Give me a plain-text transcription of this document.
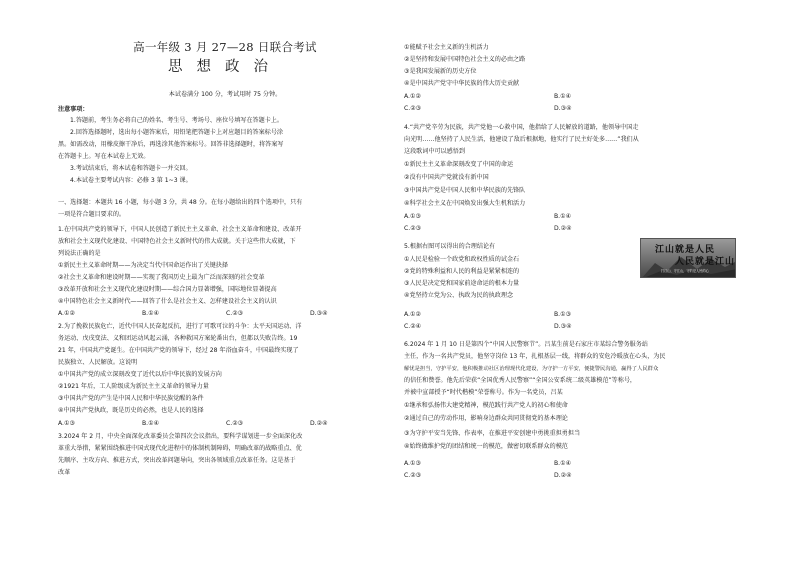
高一年级 3 月 27—28 日联合考试
思想政治
本试卷满分 100 分，考试用时 75 分钟。
注意事项：
1.答题前，考生务必将自己的姓名、考生号、考场号、座位号填写在答题卡上。
2.回答选择题时，选出每小题答案后，用铅笔把答题卡上对应题目的答案标号涂
黑。如需改动，用橡皮擦干净后，再选涂其他答案标号。回答非选择题时，将答案写
在答题卡上。写在本试卷上无效。
3.考试结束后，将本试卷和答题卡一并交回。
4.本试卷主要考试内容：必修 3 第 1~3 课。
一、选择题：本题共 16 小题，每小题 3 分，共 48 分。在每小题给出的四个选项中，只有
一项是符合题目要求的。
1.在中国共产党的领导下，中国人民创造了新民主主义革命、社会主义革命和建设、改革开
放和社会主义现代化建设、中国特色社会主义新时代的伟大成就。关于这些伟大成就，下
列说法正确的是
①新民主主义革命时期——为决定当代中国命运作出了关键抉择
②社会主义革命和建设时期——实现了我国历史上最为广泛而深刻的社会变革
③改革开放和社会主义现代化建设时期——综合国力显著增强，国际地位显著提高
④中国特色社会主义新时代——回答了什么是社会主义、怎样建设社会主义的认识
A.①②	B.①④	C.②③	D.③④
2.为了挽救民族危亡，近代中国人民奋起反抗，进行了可歌可泣的斗争：太平天国运动、洋
务运动、戊戌变法、义和团运动风起云涌，各种救国方案轮番出台，但都以失败告终。19
21 年，中国共产党诞生。在中国共产党的领导下，经过 28 年浴血奋斗，中国最终实现了
民族独立、人民解放。这说明
①中国共产党的成立深刻改变了近代以后中华民族的发展方向
②1921 年后，工人阶级成为新民主主义革命的领导力量
③中国共产党的产生是中国人民和中华民族觉醒的条件
④中国共产党执政，既是历史的必然，也是人民的选择
A.①③	B.①④	C.②③	D.②④
3.2024 年 2 月，中央全面深化改革委员会第四次会议指出，要科学谋划进一步全面深化改
革重大举措，紧紧围绕推进中国式现代化进程中的体制机制障碍，明确改革的战略重点、优
先顺序、主攻方向、推进方式，突出改革问题导向，突出各领域重点改革任务。这是基于
改革
①能赋予社会主义新的生机活力
②是坚持和发展中国特色社会主义的必由之路
③是我国发展新的历史方位
④是中国共产党守中华民族的伟大历史贡献
A.①②	B.①④
C.②③	D.③④
4.“共产党辛劳为民族，共产党他一心救中国，他指给了人民解放的道路，他领导中国走
向光明……他坚持了人民生活，他建设了敌后根据地，他实行了民主好处多……”我们从
这段歌词中可以感悟到
①新民主主义革命深刻改变了中国的命运
②没有中国共产党就没有新中国
③中国共产党是中国人民和中华民族的先锋队
④科学社会主义在中国焕发出强大生机和活力
A.①③	B.①④
C.②③	D.②④
5.根据右图可以得出的合理结论有
①人民是检验一个政党和政权性质的试金石
②党的特殊利益和人民的利益是紧紧相连的
③人民是决定党和国家前途命运的根本力量
④党坚持立党为公、执政为民的执政理念
江山就是人民
人民就是江山
打江山、守江山，守的是人民的心
A.①②	B.①③
C.②④	D.③④
6.2024 年 1 月 10 日是第四个“中国人民警察节”。吕某生前是石家庄市某综合警务服务站
主任，作为一名共产党员，他坚守岗位 13 年，扎根基层一线，将群众的安危冷暖放在心头，为民
解忧是担当，守护平安，他积极推动社区治理现代化建设，为守护一方平安，便捷警民沟通，赢得了人民群众
的信任和赞誉。他先后荣获“全国优秀人民警察”“全国公安系统二级英雄模范”等称号，
并被中宣部授予“时代楷模”荣誉称号。作为一名党员，吕某
①继承和弘扬伟大建党精神，模范践行共产党人的初心和使命
②通过自己的劳动作用，影响身边群众共同贯彻党的基本理论
③为守护平安当先锋、作表率，在推进平安创建中勇挑重担勇担当
④始终做维护党的团结和统一的模范，做密切联系群众的模范
A.①③	B.①④
C.②③	D.②④
